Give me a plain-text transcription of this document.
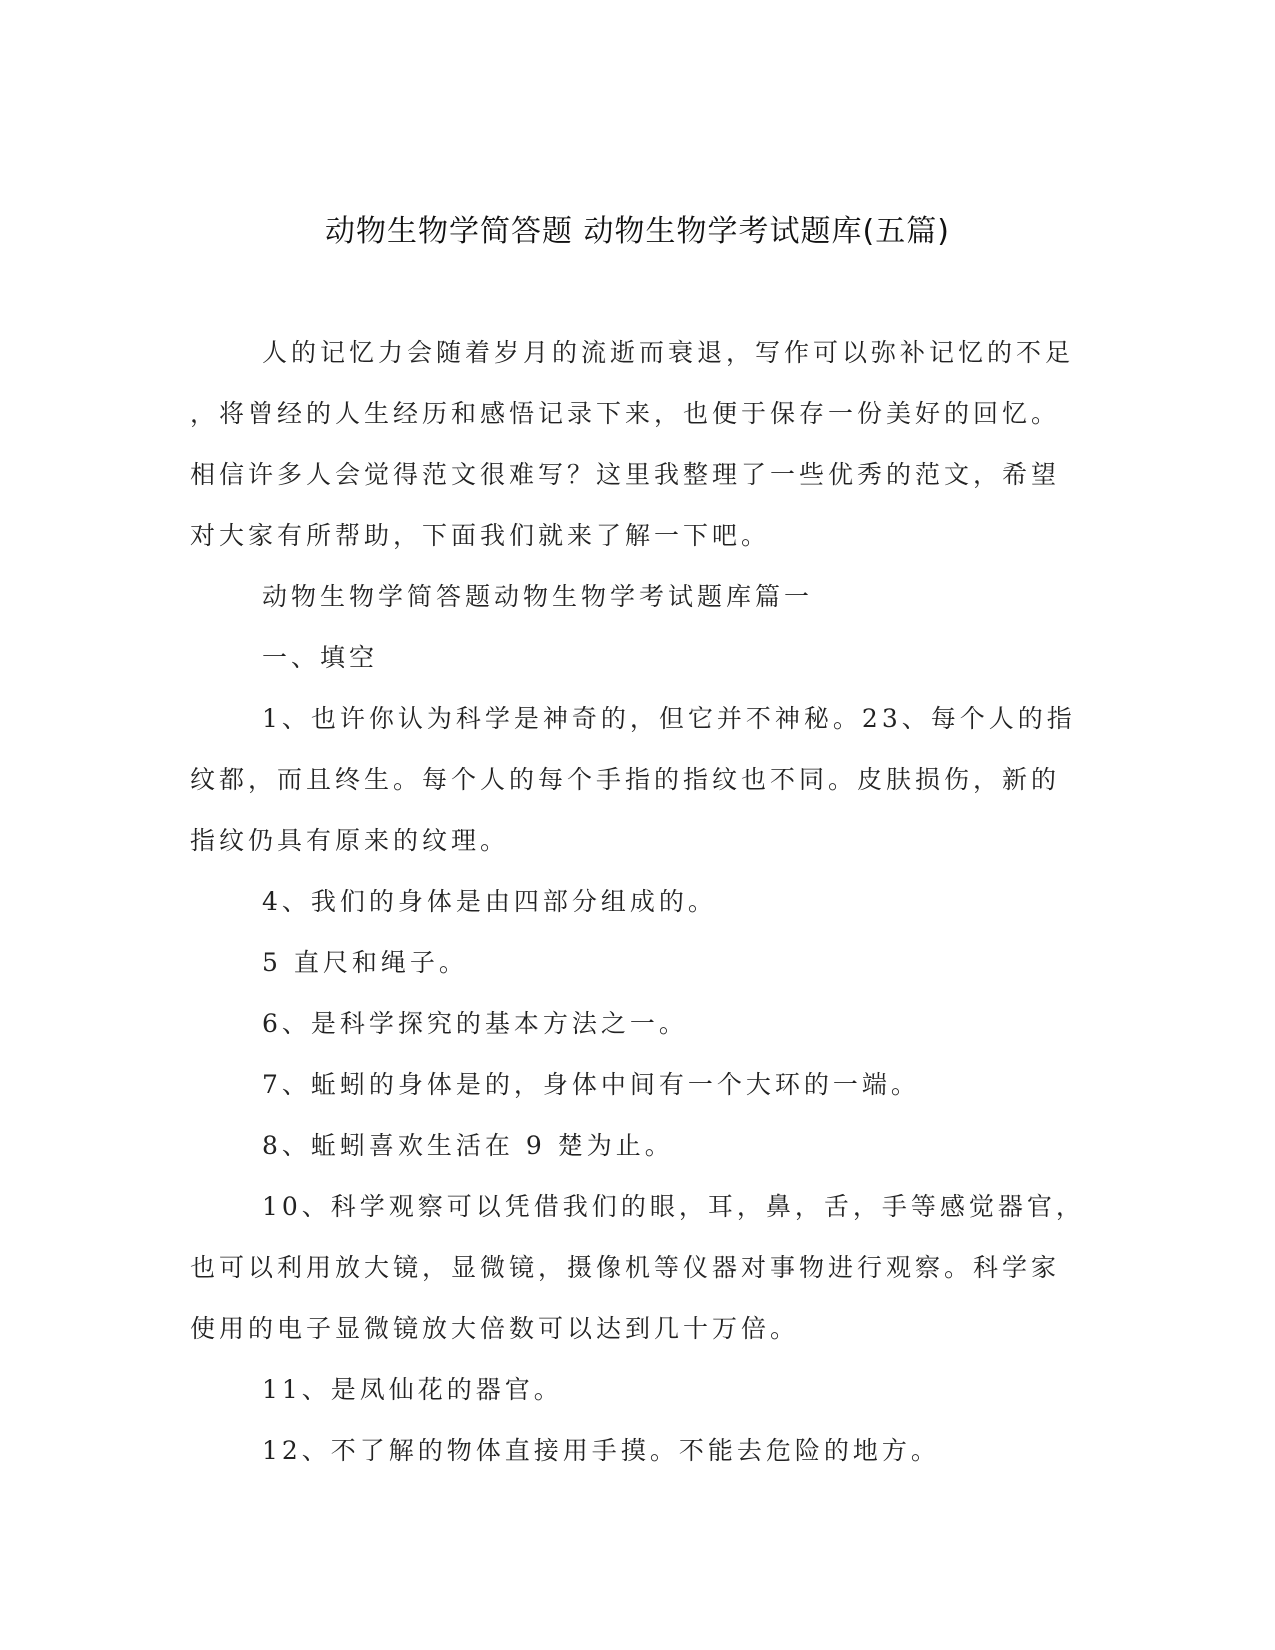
动物生物学简答题 动物生物学考试题库(五篇)
人的记忆力会随着岁月的流逝而衰退，写作可以弥补记忆的不足
，将曾经的人生经历和感悟记录下来，也便于保存一份美好的回忆。
相信许多人会觉得范文很难写？这里我整理了一些优秀的范文，希望
对大家有所帮助，下面我们就来了解一下吧。
动物生物学简答题动物生物学考试题库篇一
一、填空
1、也许你认为科学是神奇的，但它并不神秘。23、每个人的指
纹都，而且终生。每个人的每个手指的指纹也不同。皮肤损伤，新的
指纹仍具有原来的纹理。
4、我们的身体是由四部分组成的。
5 直尺和绳子。
6、是科学探究的基本方法之一。
7、蚯蚓的身体是的，身体中间有一个大环的一端。
8、蚯蚓喜欢生活在 9 楚为止。
10、科学观察可以凭借我们的眼，耳，鼻，舌，手等感觉器官，
也可以利用放大镜，显微镜，摄像机等仪器对事物进行观察。科学家
使用的电子显微镜放大倍数可以达到几十万倍。
11、是凤仙花的器官。
12、不了解的物体直接用手摸。不能去危险的地方。
